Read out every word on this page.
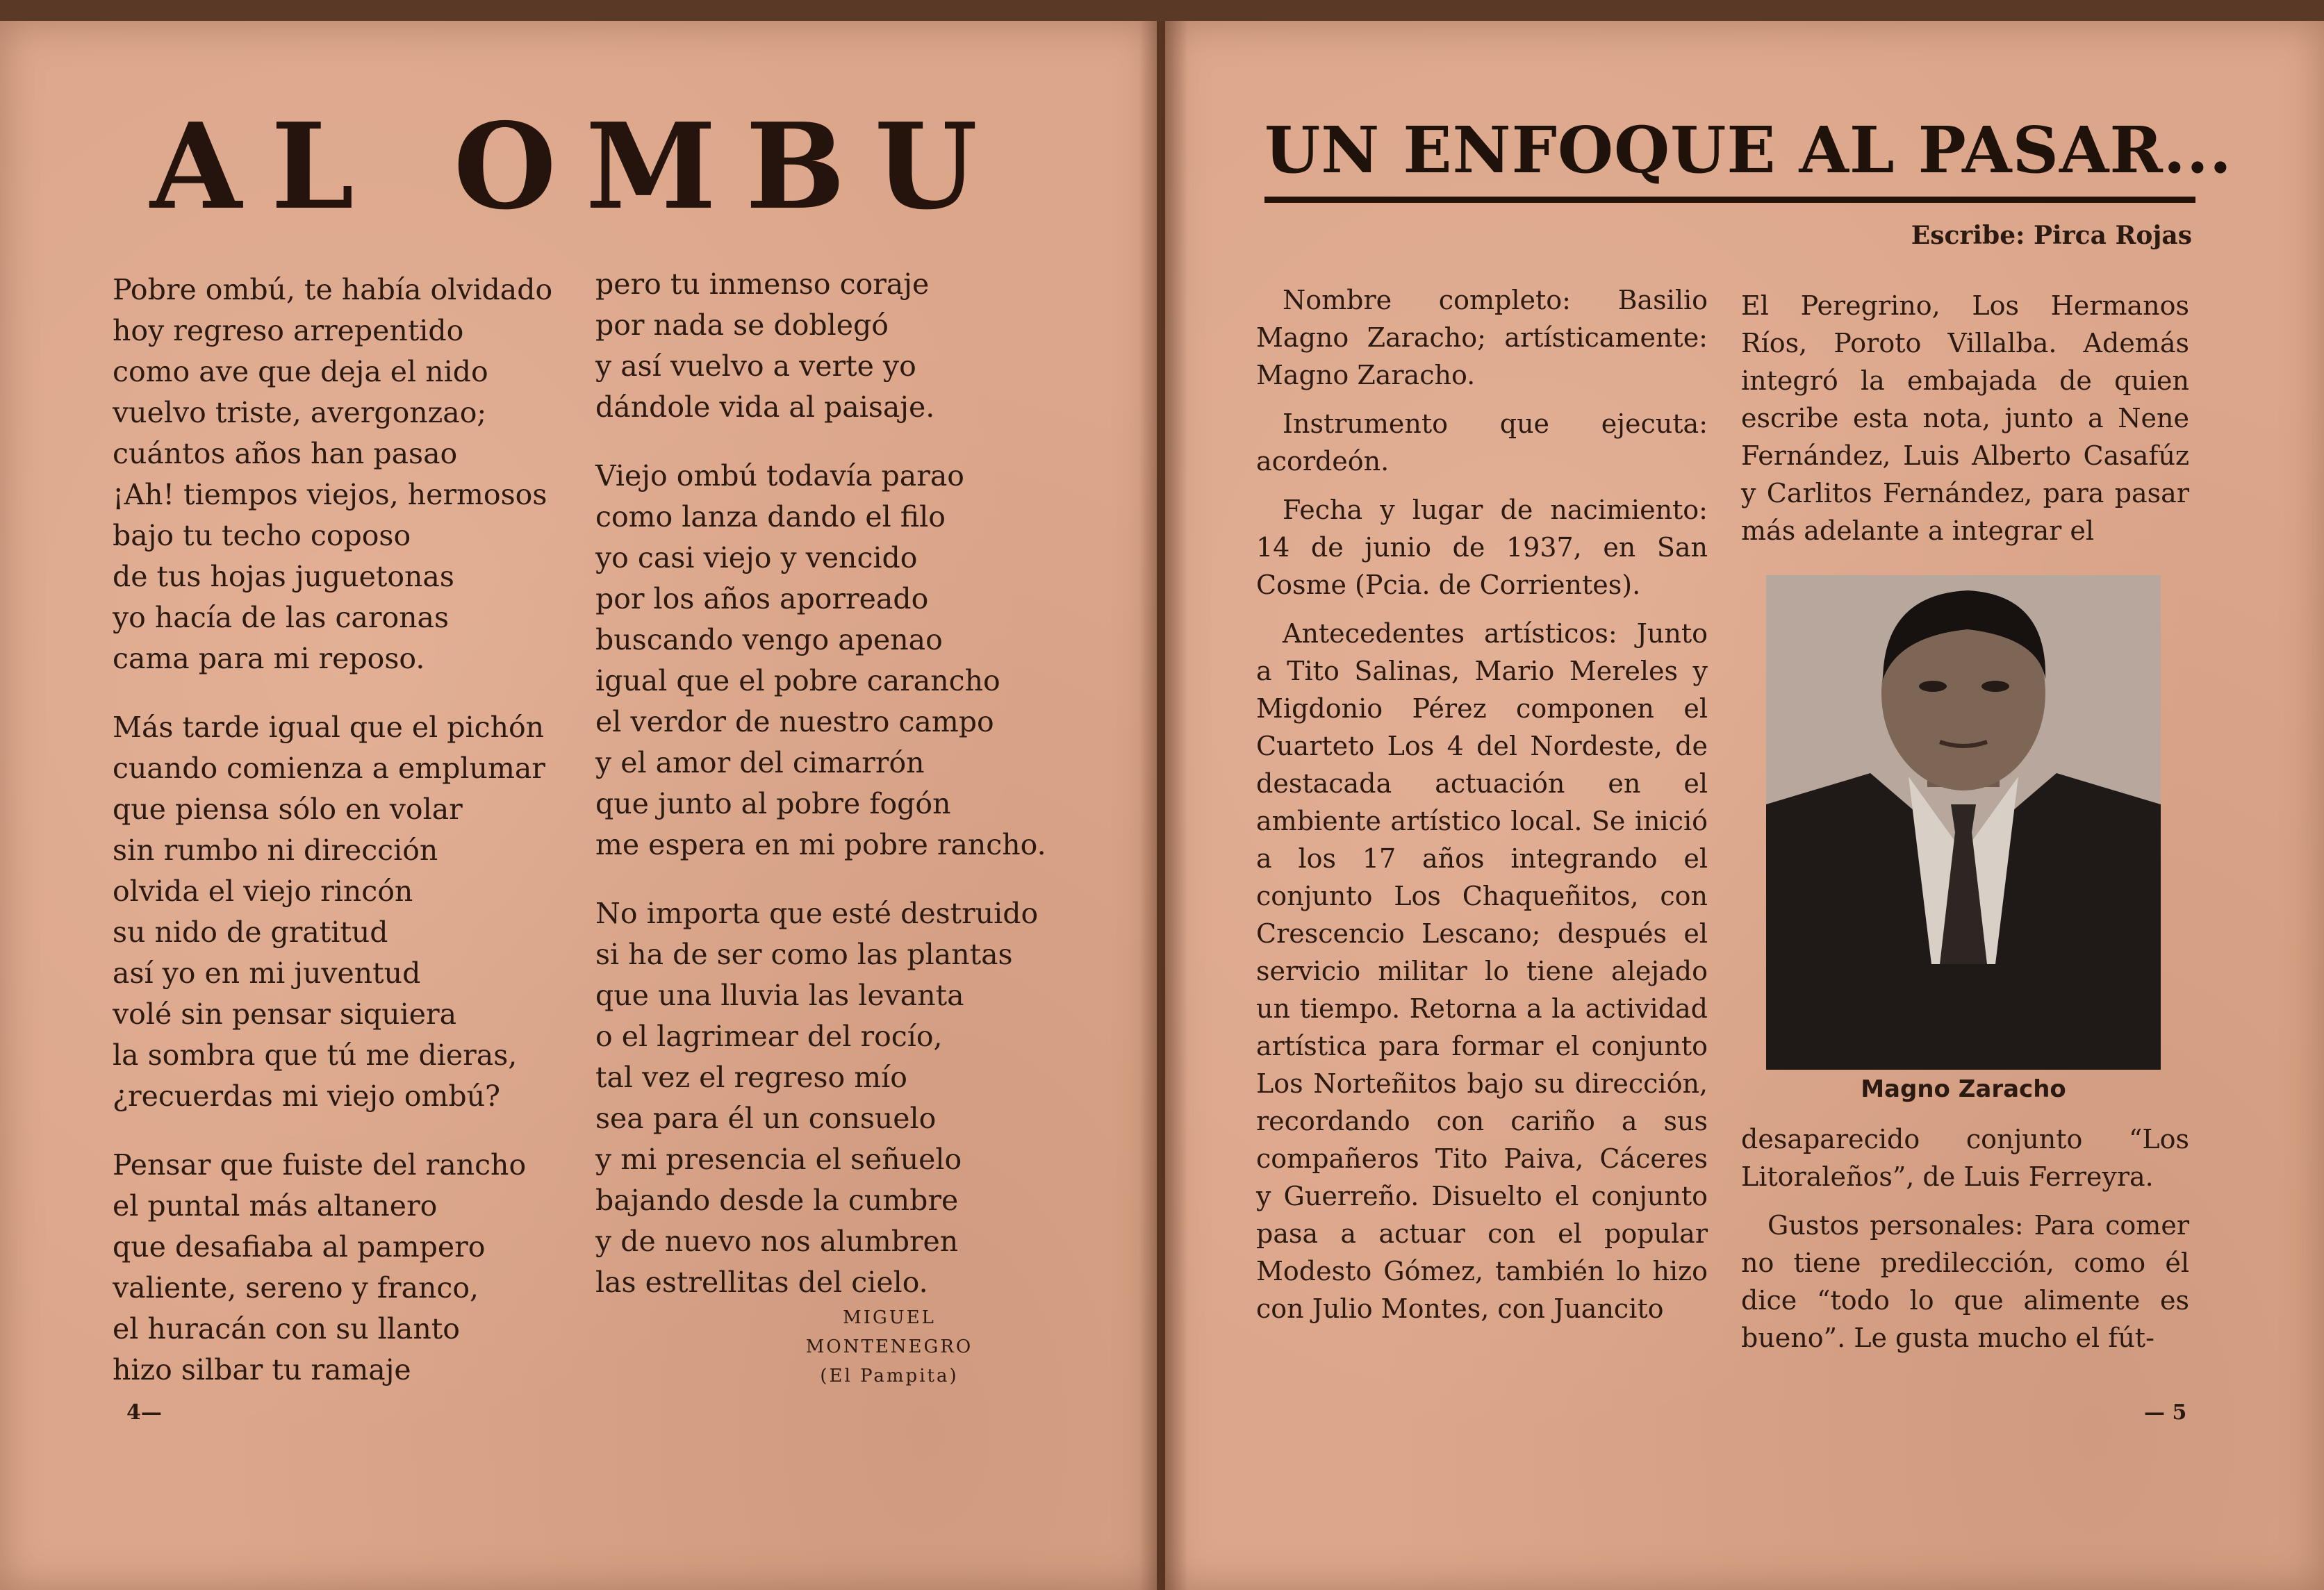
AL OMBU
Pobre ombú, te había olvidado
hoy regreso arrepentido
como ave que deja el nido
vuelvo triste, avergonzao;
cuántos años han pasao
¡Ah! tiempos viejos, hermosos
bajo tu techo coposo
de tus hojas juguetonas
yo hacía de las caronas
cama para mi reposo.
Más tarde igual que el pichón
cuando comienza a emplumar
que piensa sólo en volar
sin rumbo ni dirección
olvida el viejo rincón
su nido de gratitud
así yo en mi juventud
volé sin pensar siquiera
la sombra que tú me dieras,
¿recuerdas mi viejo ombú?
Pensar que fuiste del rancho
el puntal más altanero
que desafiaba al pampero
valiente, sereno y franco,
el huracán con su llanto
hizo silbar tu ramaje
pero tu inmenso coraje
por nada se doblegó
y así vuelvo a verte yo
dándole vida al paisaje.
Viejo ombú todavía parao
como lanza dando el filo
yo casi viejo y vencido
por los años aporreado
buscando vengo apenao
igual que el pobre carancho
el verdor de nuestro campo
y el amor del cimarrón
que junto al pobre fogón
me espera en mi pobre rancho.
No importa que esté destruido
si ha de ser como las plantas
que una lluvia las levanta
o el lagrimear del rocío,
tal vez el regreso mío
sea para él un consuelo
y mi presencia el señuelo
bajando desde la cumbre
y de nuevo nos alumbren
las estrellitas del cielo.
MIGUEL MONTENEGRO
(El Pampita)
4—
UN ENFOQUE AL PASAR...
Escribe: Pirca Rojas

Nombre completo: Basilio Magno Zaracho; artísticamente: Magno Zaracho.

Instrumento que ejecuta: acordeón.

Fecha y lugar de nacimiento: 14 de junio de 1937, en San Cosme (Pcia. de Corrientes).

Antecedentes artísticos: Junto a Tito Salinas, Mario Mereles y Migdonio Pérez componen el Cuarteto Los 4 del Nordeste, de destacada actuación en el ambiente artístico local. Se inició a los 17 años integrando el conjunto Los Chaqueñitos, con Crescencio Lescano; después el servicio militar lo tiene alejado un tiempo. Retorna a la actividad artística para formar el conjunto Los Norteñitos bajo su dirección, recordando con cariño a sus compañeros Tito Paiva, Cáceres y Guerreño. Disuelto el conjunto pasa a actuar con el popular Modesto Gómez, también lo hizo con Julio Montes, con Juancito

El Peregrino, Los Hermanos Ríos, Poroto Villalba. Además integró la embajada de quien escribe esta nota, junto a Nene Fernández, Luis Alberto Casafúz y Carlitos Fernández, para pasar más adelante a integrar el

Magno Zaracho

desaparecido conjunto “Los Litoraleños”, de Luis Ferreyra.

Gustos personales: Para comer no tiene predilección, como él dice “todo lo que alimente es bueno”. Le gusta mucho el fút-

— 5
